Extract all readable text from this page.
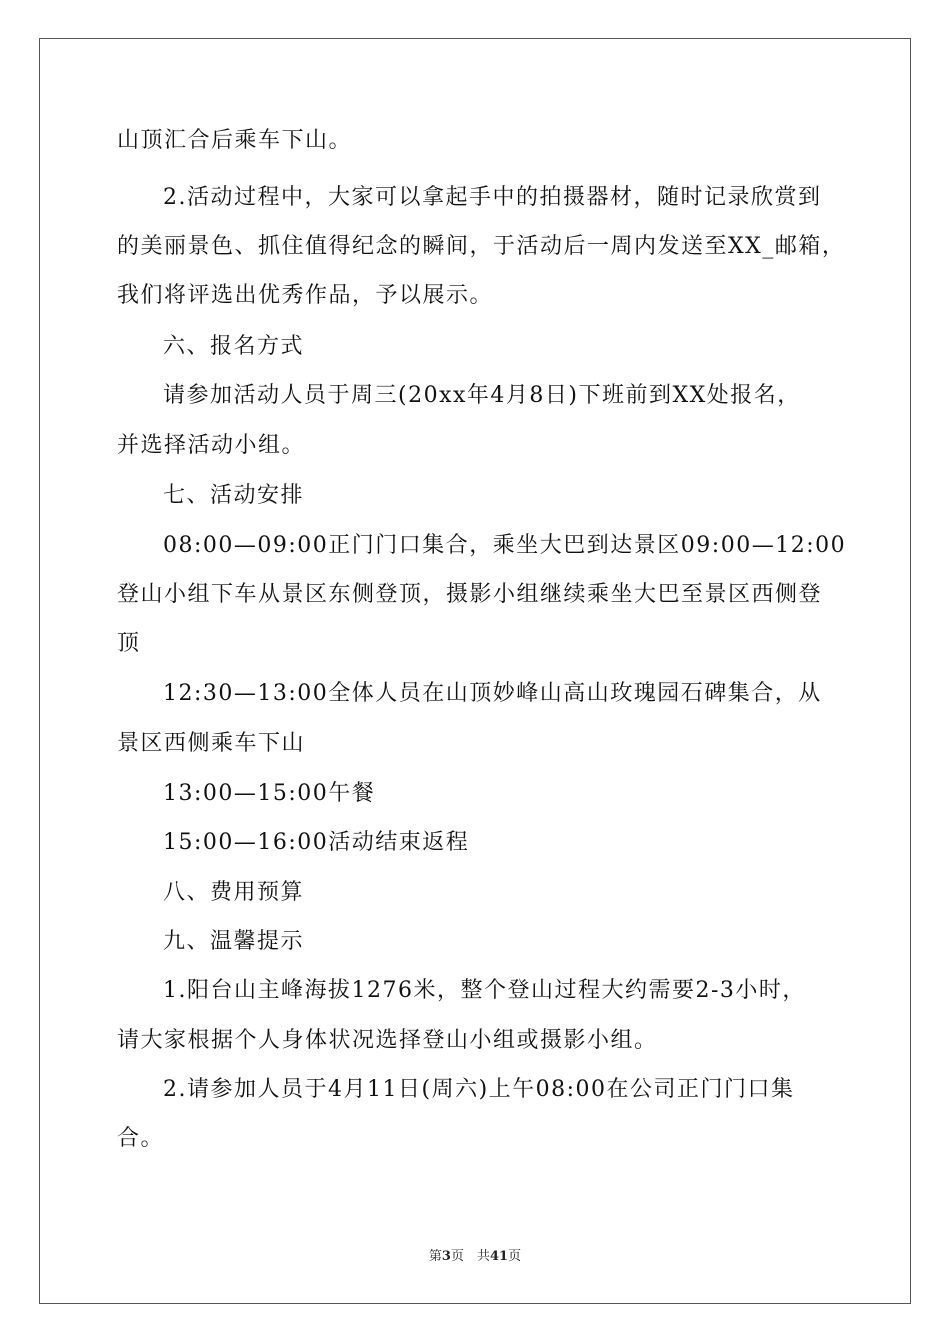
山顶汇合后乘车下山。
2.活动过程中，大家可以拿起手中的拍摄器材，随时记录欣赏到
的美丽景色、抓住值得纪念的瞬间，于活动后一周内发送至XX_邮箱，
我们将评选出优秀作品，予以展示。
六、报名方式
请参加活动人员于周三(20xx年4月8日)下班前到XX处报名，
并选择活动小组。
七、活动安排
08:00—09:00正门门口集合，乘坐大巴到达景区09:00—12:00
登山小组下车从景区东侧登顶，摄影小组继续乘坐大巴至景区西侧登
顶
12:30—13:00全体人员在山顶妙峰山高山玫瑰园石碑集合，从
景区西侧乘车下山
13:00—15:00午餐
15:00—16:00活动结束返程
八、费用预算
九、温馨提示
1.阳台山主峰海拔1276米，整个登山过程大约需要2-3小时，
请大家根据个人身体状况选择登山小组或摄影小组。
2.请参加人员于4月11日(周六)上午08:00在公司正门门口集
合。
第3页　共41页
